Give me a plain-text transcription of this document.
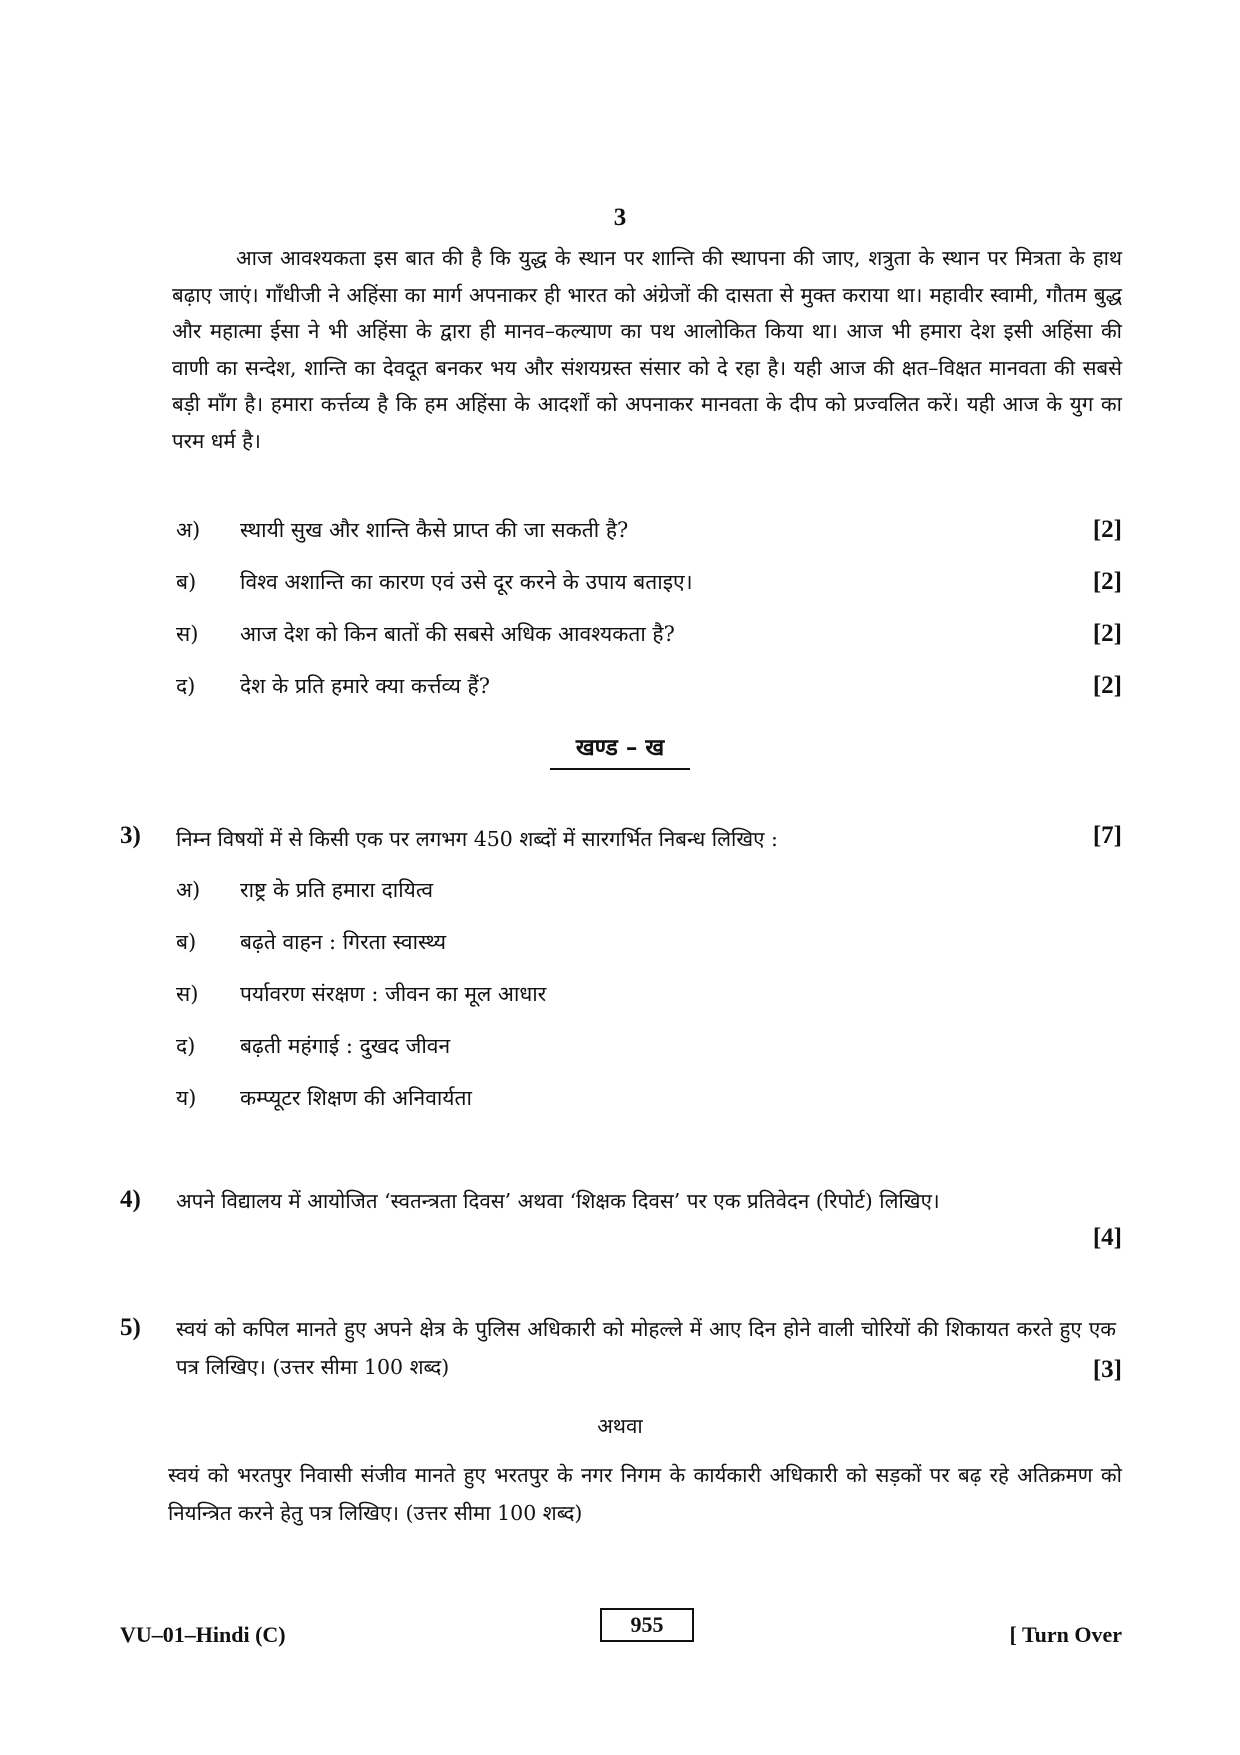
3
आज आवश्यकता इस बात की है कि युद्ध के स्थान पर शान्ति की स्थापना की जाए, शत्रुता के स्थान पर मित्रता के हाथ बढ़ाए जाएं। गाँधीजी ने अहिंसा का मार्ग अपनाकर ही भारत को अंग्रेजों की दासता से मुक्त कराया था। महावीर स्वामी, गौतम बुद्ध और महात्मा ईसा ने भी अहिंसा के द्वारा ही मानव–कल्याण का पथ आलोकित किया था। आज भी हमारा देश इसी अहिंसा की वाणी का सन्देश, शान्ति का देवदूत बनकर भय और संशयग्रस्त संसार को दे रहा है। यही आज की क्षत–विक्षत मानवता की सबसे बड़ी माँग है। हमारा कर्त्तव्य है कि हम अहिंसा के आदर्शों को अपनाकर मानवता के दीप को प्रज्वलित करें। यही आज के युग का परम धर्म है।
अ) स्थायी सुख और शान्ति कैसे प्राप्त की जा सकती है?	[2]
ब) विश्व अशान्ति का कारण एवं उसे दूर करने के उपाय बताइए।	[2]
स) आज देश को किन बातों की सबसे अधिक आवश्यकता है?	[2]
द) देश के प्रति हमारे क्या कर्त्तव्य हैं?	[2]
खण्ड – ख
3) निम्न विषयों में से किसी एक पर लगभग 450 शब्दों में सारगर्भित निबन्ध लिखिए :	[7]
अ) राष्ट्र के प्रति हमारा दायित्व
ब) बढ़ते वाहन : गिरता स्वास्थ्य
स) पर्यावरण संरक्षण : जीवन का मूल आधार
द) बढ़ती महंगाई : दुखद जीवन
य) कम्प्यूटर शिक्षण की अनिवार्यता
4) अपने विद्यालय में आयोजित ‘स्वतन्त्रता दिवस’ अथवा ‘शिक्षक दिवस’ पर एक प्रतिवेदन (रिपोर्ट) लिखिए।
[4]
5) स्वयं को कपिल मानते हुए अपने क्षेत्र के पुलिस अधिकारी को मोहल्ले में आए दिन होने वाली चोरियों की शिकायत करते हुए एक पत्र लिखिए। (उत्तर सीमा 100 शब्द)	[3]
अथवा
स्वयं को भरतपुर निवासी संजीव मानते हुए भरतपुर के नगर निगम के कार्यकारी अधिकारी को सड़कों पर बढ़ रहे अतिक्रमण को नियन्त्रित करने हेतु पत्र लिखिए। (उत्तर सीमा 100 शब्द)
VU–01–Hindi (C)	955	[ Turn Over
